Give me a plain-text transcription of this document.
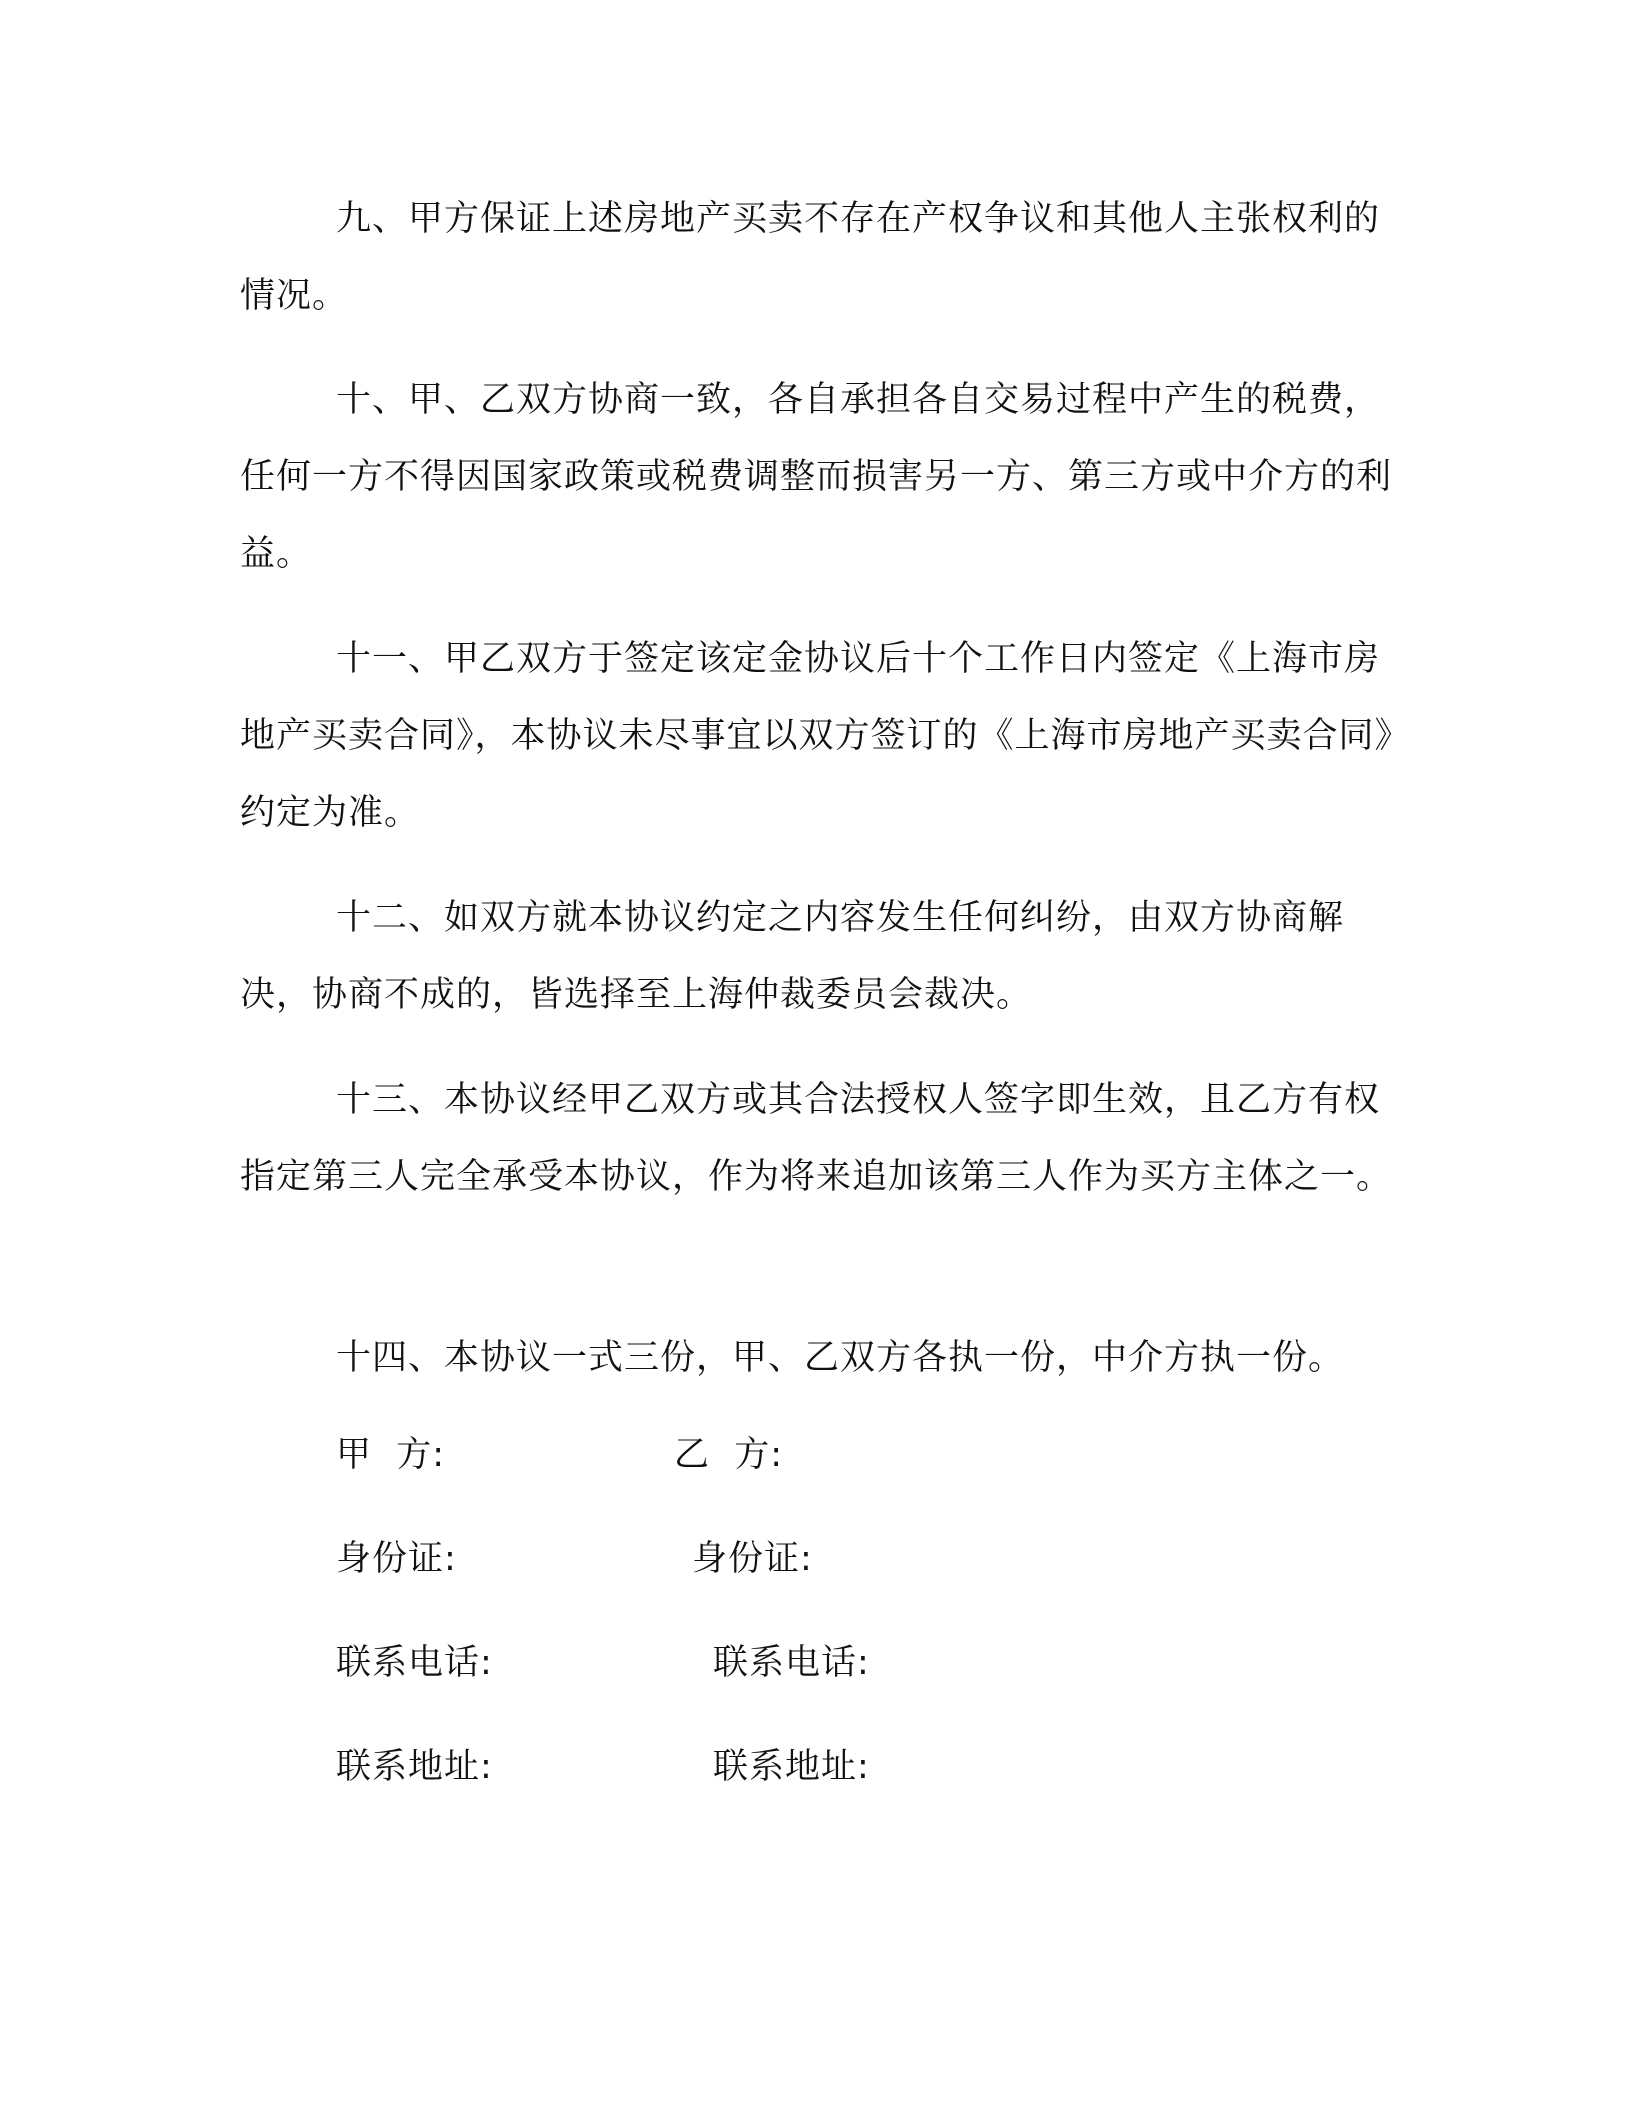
九、甲方保证上述房地产买卖不存在产权争议和其他人主张权利的情况。

十、甲、乙双方协商一致，各自承担各自交易过程中产生的税费，任何一方不得因国家政策或税费调整而损害另一方、第三方或中介方的利益。

十一、甲乙双方于签定该定金协议后十个工作日内签定《上海市房地产买卖合同》，本协议未尽事宜以双方签订的《上海市房地产买卖合同》约定为准。

十二、如双方就本协议约定之内容发生任何纠纷，由双方协商解决，协商不成的，皆选择至上海仲裁委员会裁决。

十三、本协议经甲乙双方或其合法授权人签字即生效，且乙方有权指定第三人完全承受本协议，作为将来追加该第三人作为买方主体之一。

十四、本协议一式三份，甲、乙双方各执一份，中介方执一份。

甲  方:	乙  方:
身份证:	身份证:
联系电话:	联系电话:
联系地址:	联系地址:
